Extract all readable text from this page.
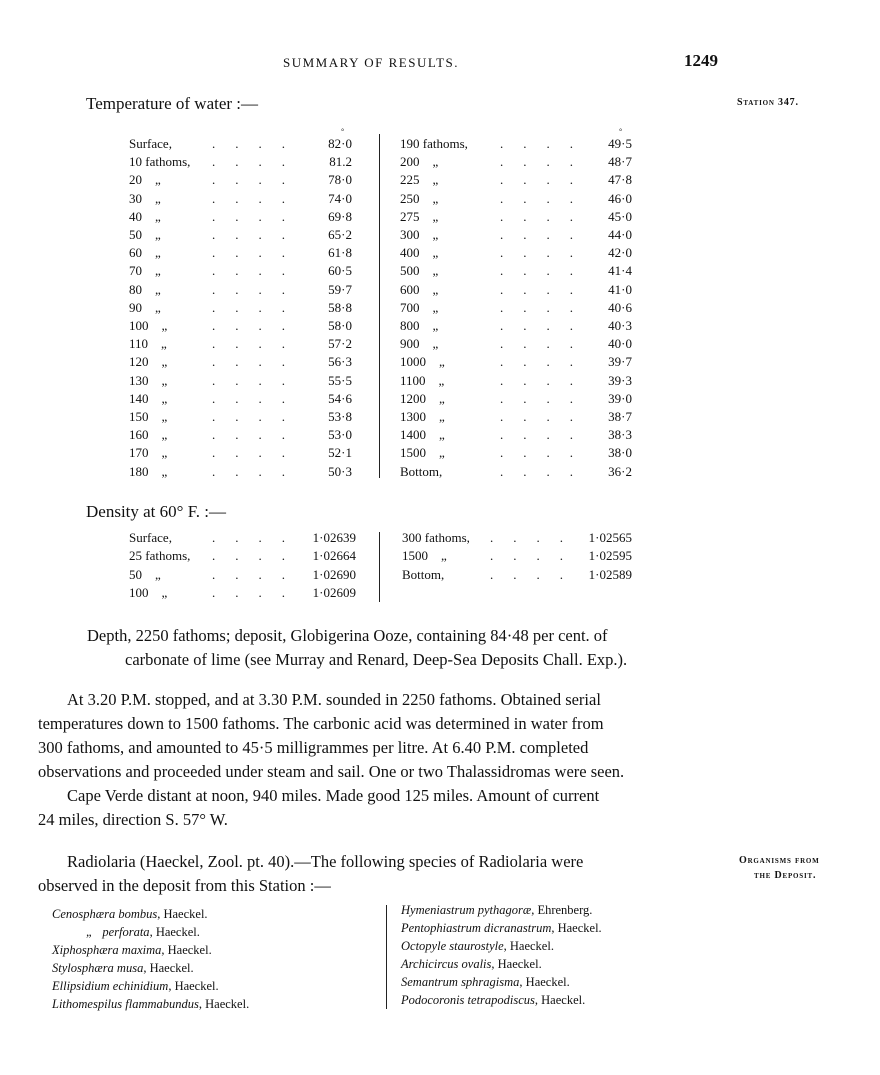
SUMMARY OF RESULTS.	1249
Temperature of water :—	Station 347.
°	°
Surface,	....	82·0
10 fathoms, ....	81.2
20    „	....	78·0
30    „	....	74·0
40    „	....	69·8
50    „	....	65·2
60    „	....	61·8
70    „	....	60·5
80    „	....	59·7
90    „	....	58·8
100    „	....	58·0
110    „	....	57·2
120    „	....	56·3
130    „	....	55·5
140    „	....	54·6
150    „	....	53·8
160    „	....	53·0
170    „	....	52·1
180    „	....	50·3
190 fathoms, ....	49·5
200    „	....	48·7
225    „	....	47·8
250    „	....	46·0
275    „	....	45·0
300    „	....	44·0
400    „	....	42·0
500    „	....	41·4
600    „	....	41·0
700    „	....	40·6
800    „	....	40·3
900    „	....	40·0
1000    „	....	39·7
1100    „	....	39·3
1200    „	....	39·0
1300    „	....	38·7
1400    „	....	38·3
1500    „	....	38·0
Bottom,	....	36·2
Density at 60° F. :—
Surface,	.... 1·02639
25 fathoms, .... 1·02664
50    „	.... 1·02690
100    „	.... 1·02609
300 fathoms, .... 1·02565
1500    „	.... 1·02595
Bottom,	.... 1·02589
Depth, 2250 fathoms; deposit, Globigerina Ooze, containing 84·48 per cent. of
carbonate of lime (see Murray and Renard, Deep-Sea Deposits Chall. Exp.).
At 3.20 P.M. stopped, and at 3.30 P.M. sounded in 2250 fathoms. Obtained serial
temperatures down to 1500 fathoms. The carbonic acid was determined in water from
300 fathoms, and amounted to 45·5 milligrammes per litre. At 6.40 P.M. completed
observations and proceeded under steam and sail. One or two Thalassidromas were seen.
Cape Verde distant at noon, 940 miles. Made good 125 miles. Amount of current
24 miles, direction S. 57° W.
Radiolaria (Haeckel, Zool. pt. 40).—The following species of Radiolaria were
observed in the deposit from this Station :—
Organisms from
the Deposit.
Cenosphæra bombus, Haeckel.
„   perforata, Haeckel.
Xiphosphæra maxima, Haeckel.
Stylosphæra musa, Haeckel.
Ellipsidium echinidium, Haeckel.
Lithomespilus flammabundus, Haeckel.
Hymeniastrum pythagoræ, Ehrenberg.
Pentophiastrum dicranastrum, Haeckel.
Octopyle staurostyle, Haeckel.
Archicircus ovalis, Haeckel.
Semantrum sphragisma, Haeckel.
Podocoronis tetrapodiscus, Haeckel.
